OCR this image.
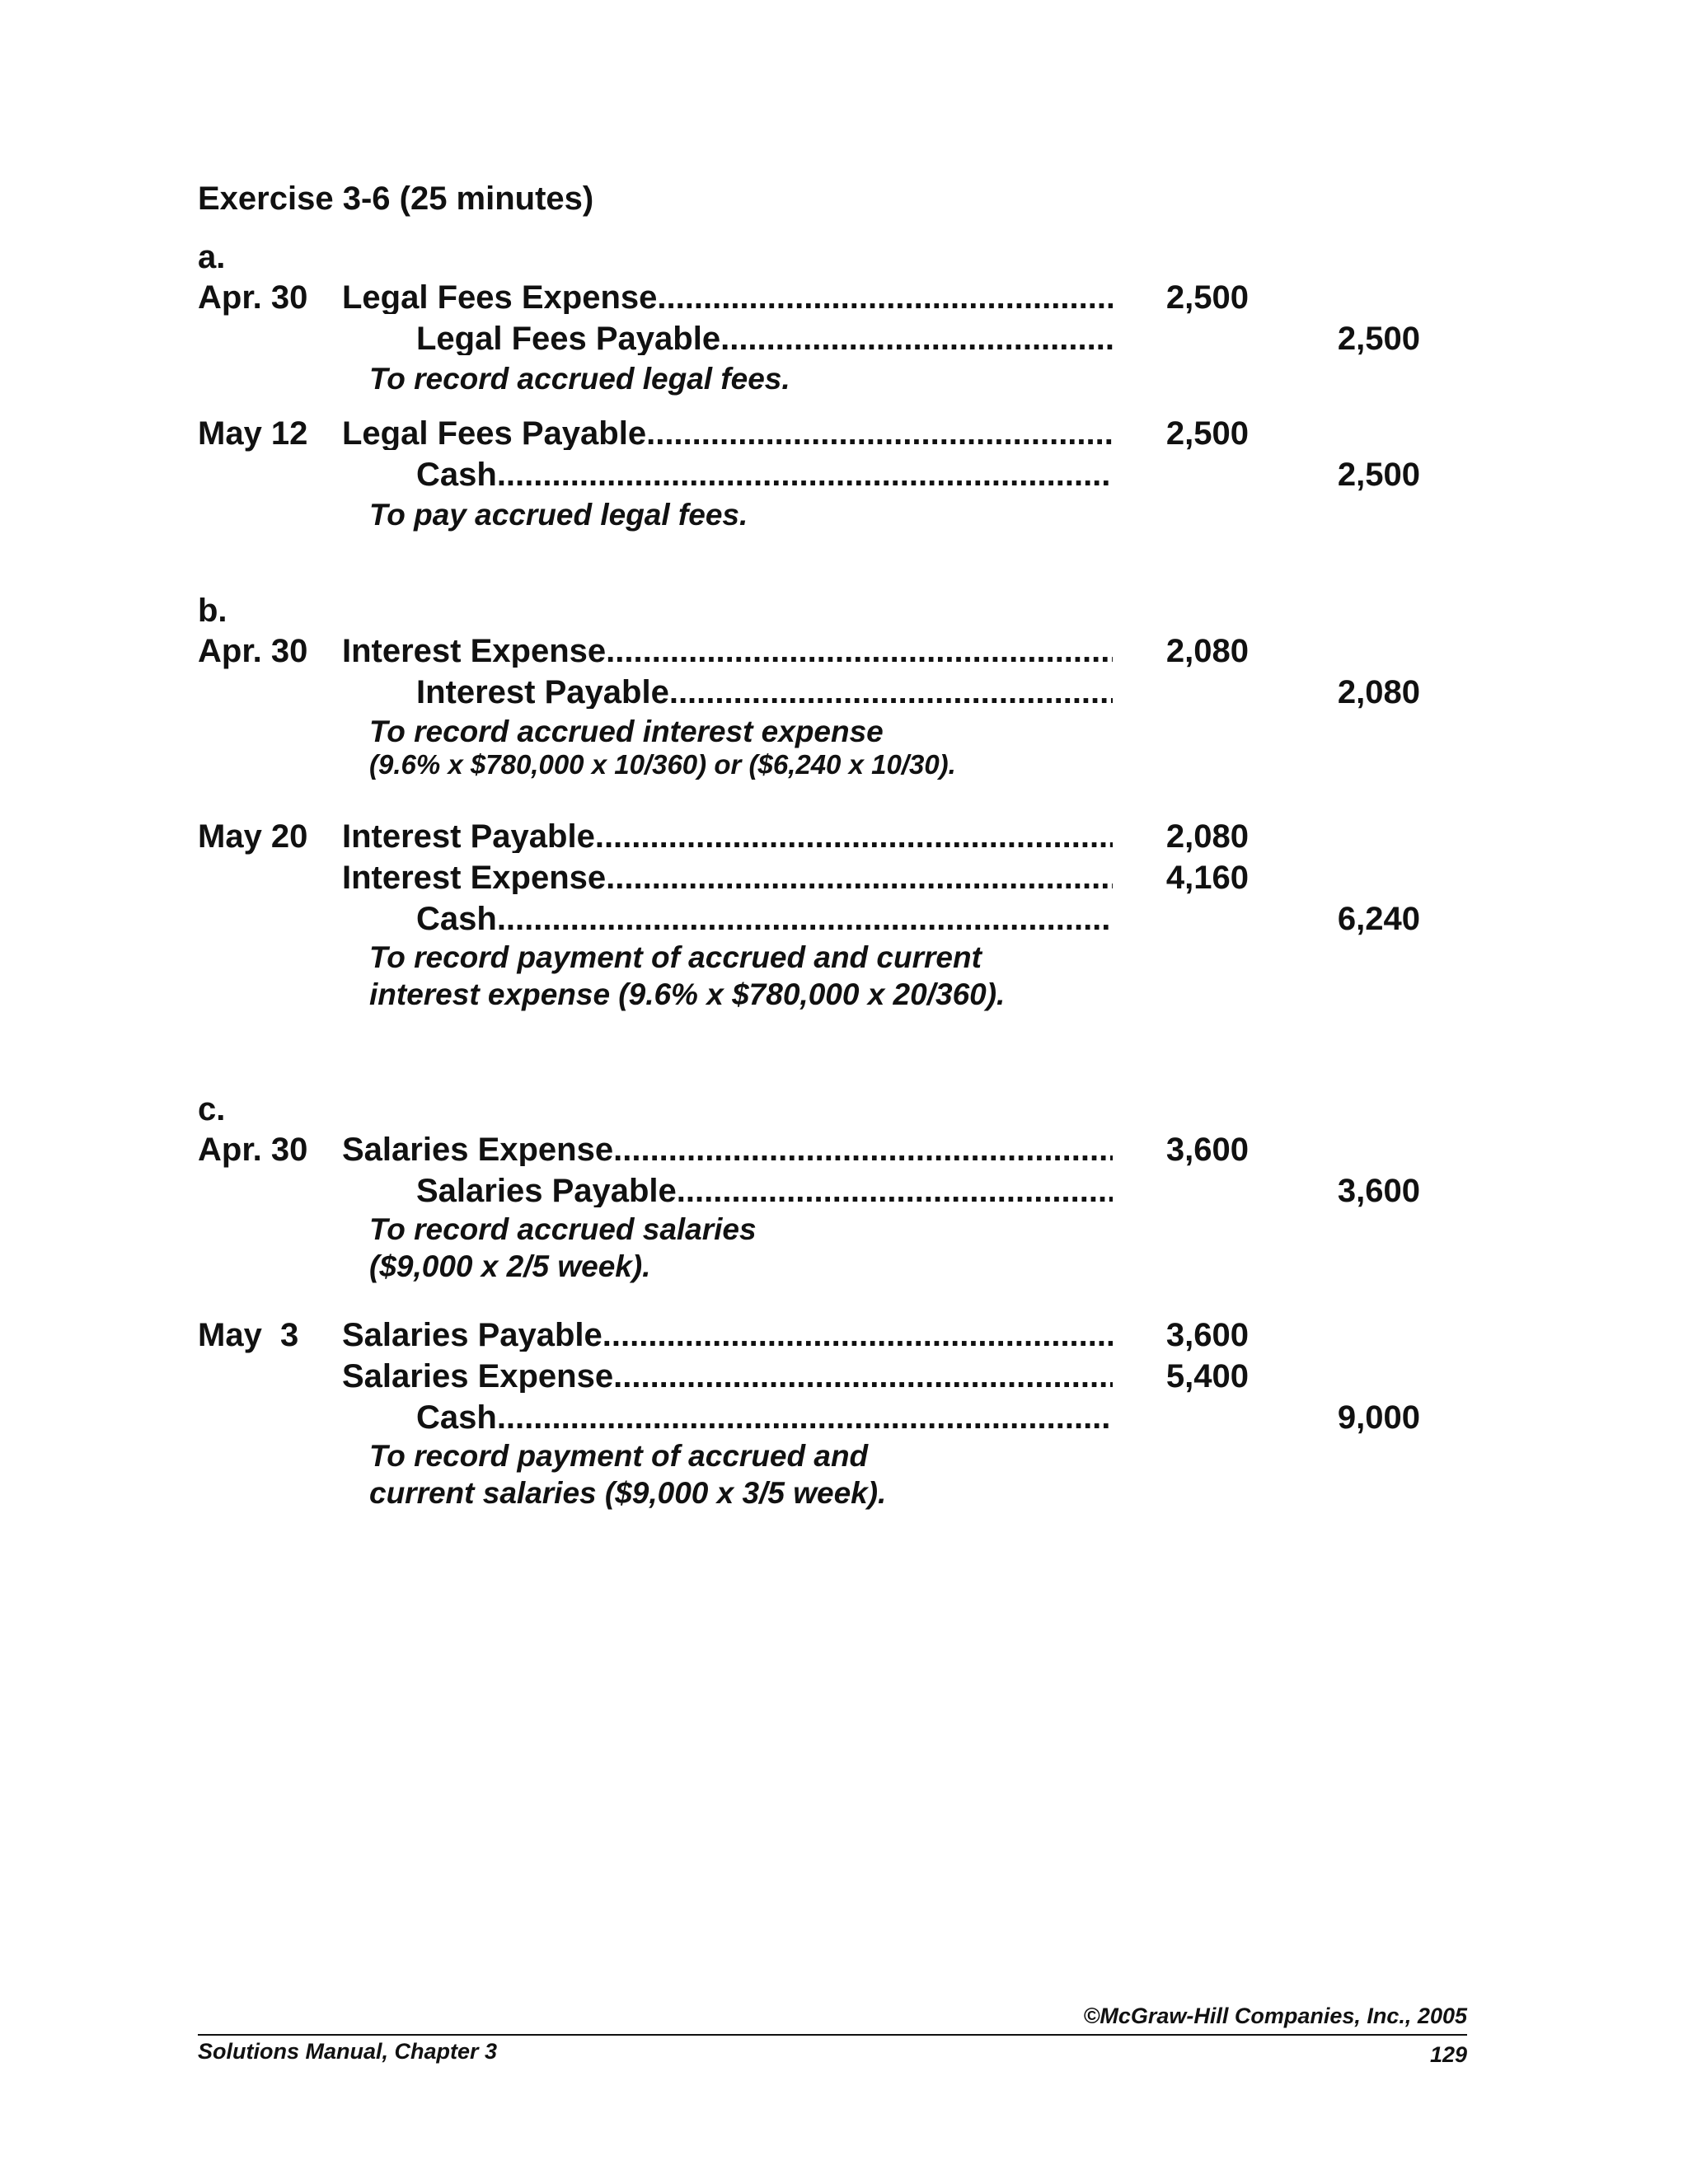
Exercise 3-6 (25 minutes)
a.
Apr. 30 Legal Fees Expense .....	2,500
Legal Fees Payable .....	2,500
To record accrued legal fees.
May 12 Legal Fees Payable .....	2,500
Cash .....	2,500
To pay accrued legal fees.
b.
Apr. 30 Interest Expense .....	2,080
Interest Payable .....	2,080
To record accrued interest expense
(9.6% x $780,000 x 10/360) or ($6,240 x 10/30).
May 20 Interest Payable .....	2,080
Interest Expense .....	4,160
Cash .....	6,240
To record payment of accrued and current
interest expense (9.6% x $780,000 x 20/360).
c.
Apr. 30 Salaries Expense .....	3,600
Salaries Payable .....	3,600
To record accrued salaries
($9,000 x 2/5 week).
May  3 Salaries Payable .....	3,600
Salaries Expense .....	5,400
Cash .....	9,000
To record payment of accrued and
current salaries ($9,000 x 3/5 week).
©McGraw-Hill Companies, Inc., 2005
Solutions Manual, Chapter 3	129
